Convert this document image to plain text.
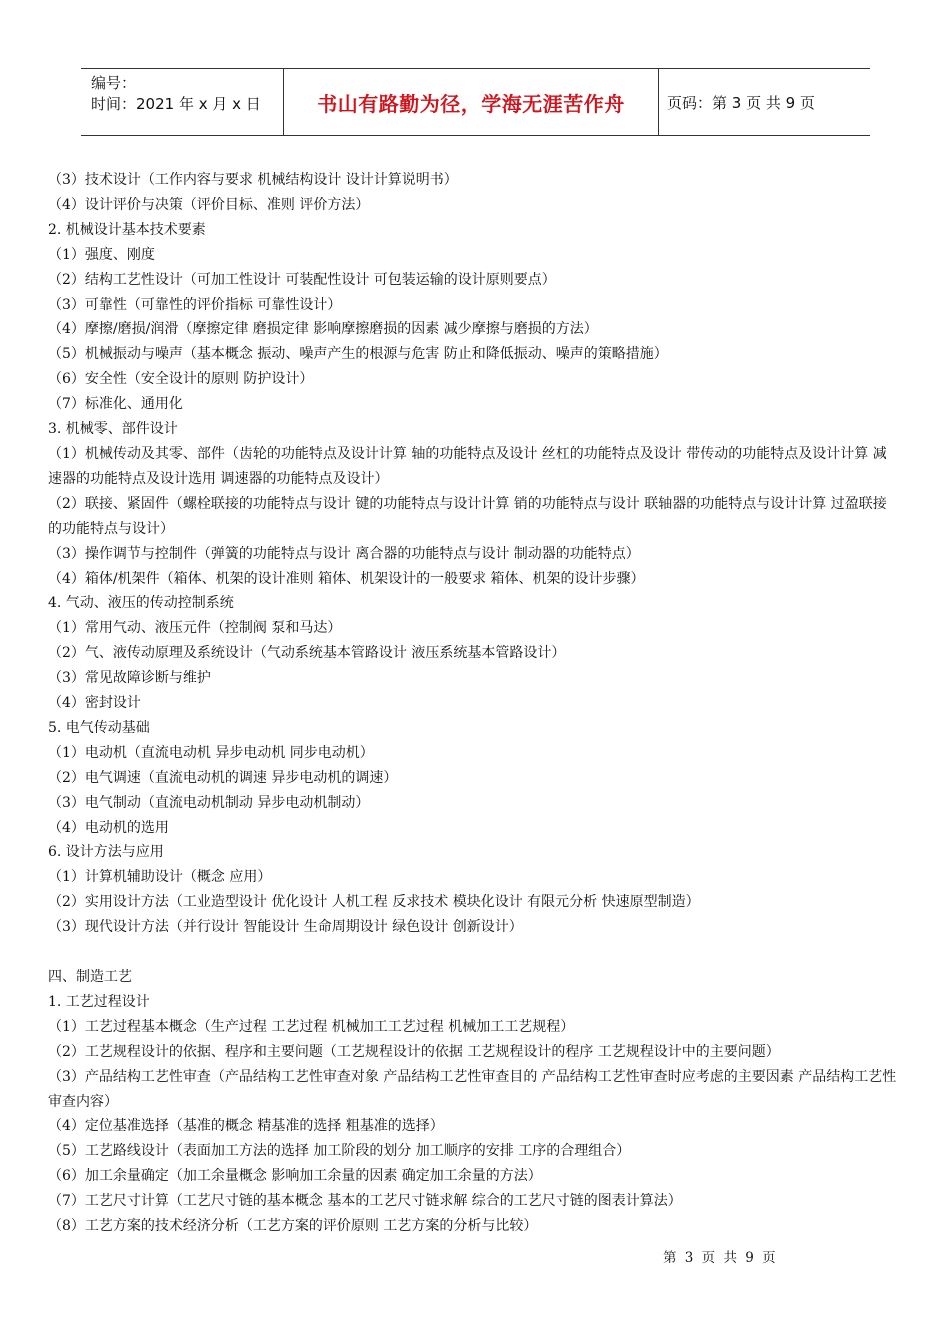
编号：
时间：2021 年 x 月 x 日	书山有路勤为径，学海无涯苦作舟	页码：第 3 页 共 9 页
（3）技术设计（工作内容与要求 机械结构设计 设计计算说明书）
（4）设计评价与决策（评价目标、准则 评价方法）
2. 机械设计基本技术要素
（1）强度、刚度
（2）结构工艺性设计（可加工性设计 可装配性设计 可包装运输的设计原则要点）
（3）可靠性（可靠性的评价指标 可靠性设计）
（4）摩擦/磨损/润滑（摩擦定律 磨损定律 影响摩擦磨损的因素 减少摩擦与磨损的方法）
（5）机械振动与噪声（基本概念 振动、噪声产生的根源与危害 防止和降低振动、噪声的策略措施）
（6）安全性（安全设计的原则 防护设计）
（7）标准化、通用化
3. 机械零、部件设计
（1）机械传动及其零、部件（齿轮的功能特点及设计计算 轴的功能特点及设计 丝杠的功能特点及设计 带传动的功能特点及设计计算 减速器的功能特点及设计选用 调速器的功能特点及设计）
（2）联接、紧固件（螺栓联接的功能特点与设计 键的功能特点与设计计算 销的功能特点与设计 联轴器的功能特点与设计计算 过盈联接的功能特点与设计）
（3）操作调节与控制件（弹簧的功能特点与设计 离合器的功能特点与设计 制动器的功能特点）
（4）箱体/机架件（箱体、机架的设计准则 箱体、机架设计的一般要求 箱体、机架的设计步骤）
4. 气动、液压的传动控制系统
（1）常用气动、液压元件（控制阀 泵和马达）
（2）气、液传动原理及系统设计（气动系统基本管路设计 液压系统基本管路设计）
（3）常见故障诊断与维护
（4）密封设计
5. 电气传动基础
（1）电动机（直流电动机 异步电动机 同步电动机）
（2）电气调速（直流电动机的调速 异步电动机的调速）
（3）电气制动（直流电动机制动 异步电动机制动）
（4）电动机的选用
6. 设计方法与应用
（1）计算机辅助设计（概念 应用）
（2）实用设计方法（工业造型设计 优化设计 人机工程 反求技术 模块化设计 有限元分析 快速原型制造）
（3）现代设计方法（并行设计 智能设计 生命周期设计 绿色设计 创新设计）
四、制造工艺
1. 工艺过程设计
（1）工艺过程基本概念（生产过程 工艺过程 机械加工工艺过程 机械加工工艺规程）
（2）工艺规程设计的依据、程序和主要问题（工艺规程设计的依据 工艺规程设计的程序 工艺规程设计中的主要问题）
（3）产品结构工艺性审查（产品结构工艺性审查对象 产品结构工艺性审查目的 产品结构工艺性审查时应考虑的主要因素 产品结构工艺性审查内容）
（4）定位基准选择（基准的概念 精基准的选择 粗基准的选择）
（5）工艺路线设计（表面加工方法的选择 加工阶段的划分 加工顺序的安排 工序的合理组合）
（6）加工余量确定（加工余量概念 影响加工余量的因素 确定加工余量的方法）
（7）工艺尺寸计算（工艺尺寸链的基本概念 基本的工艺尺寸链求解 综合的工艺尺寸链的图表计算法）
（8）工艺方案的技术经济分析（工艺方案的评价原则 工艺方案的分析与比较）
第 3 页 共 9 页
